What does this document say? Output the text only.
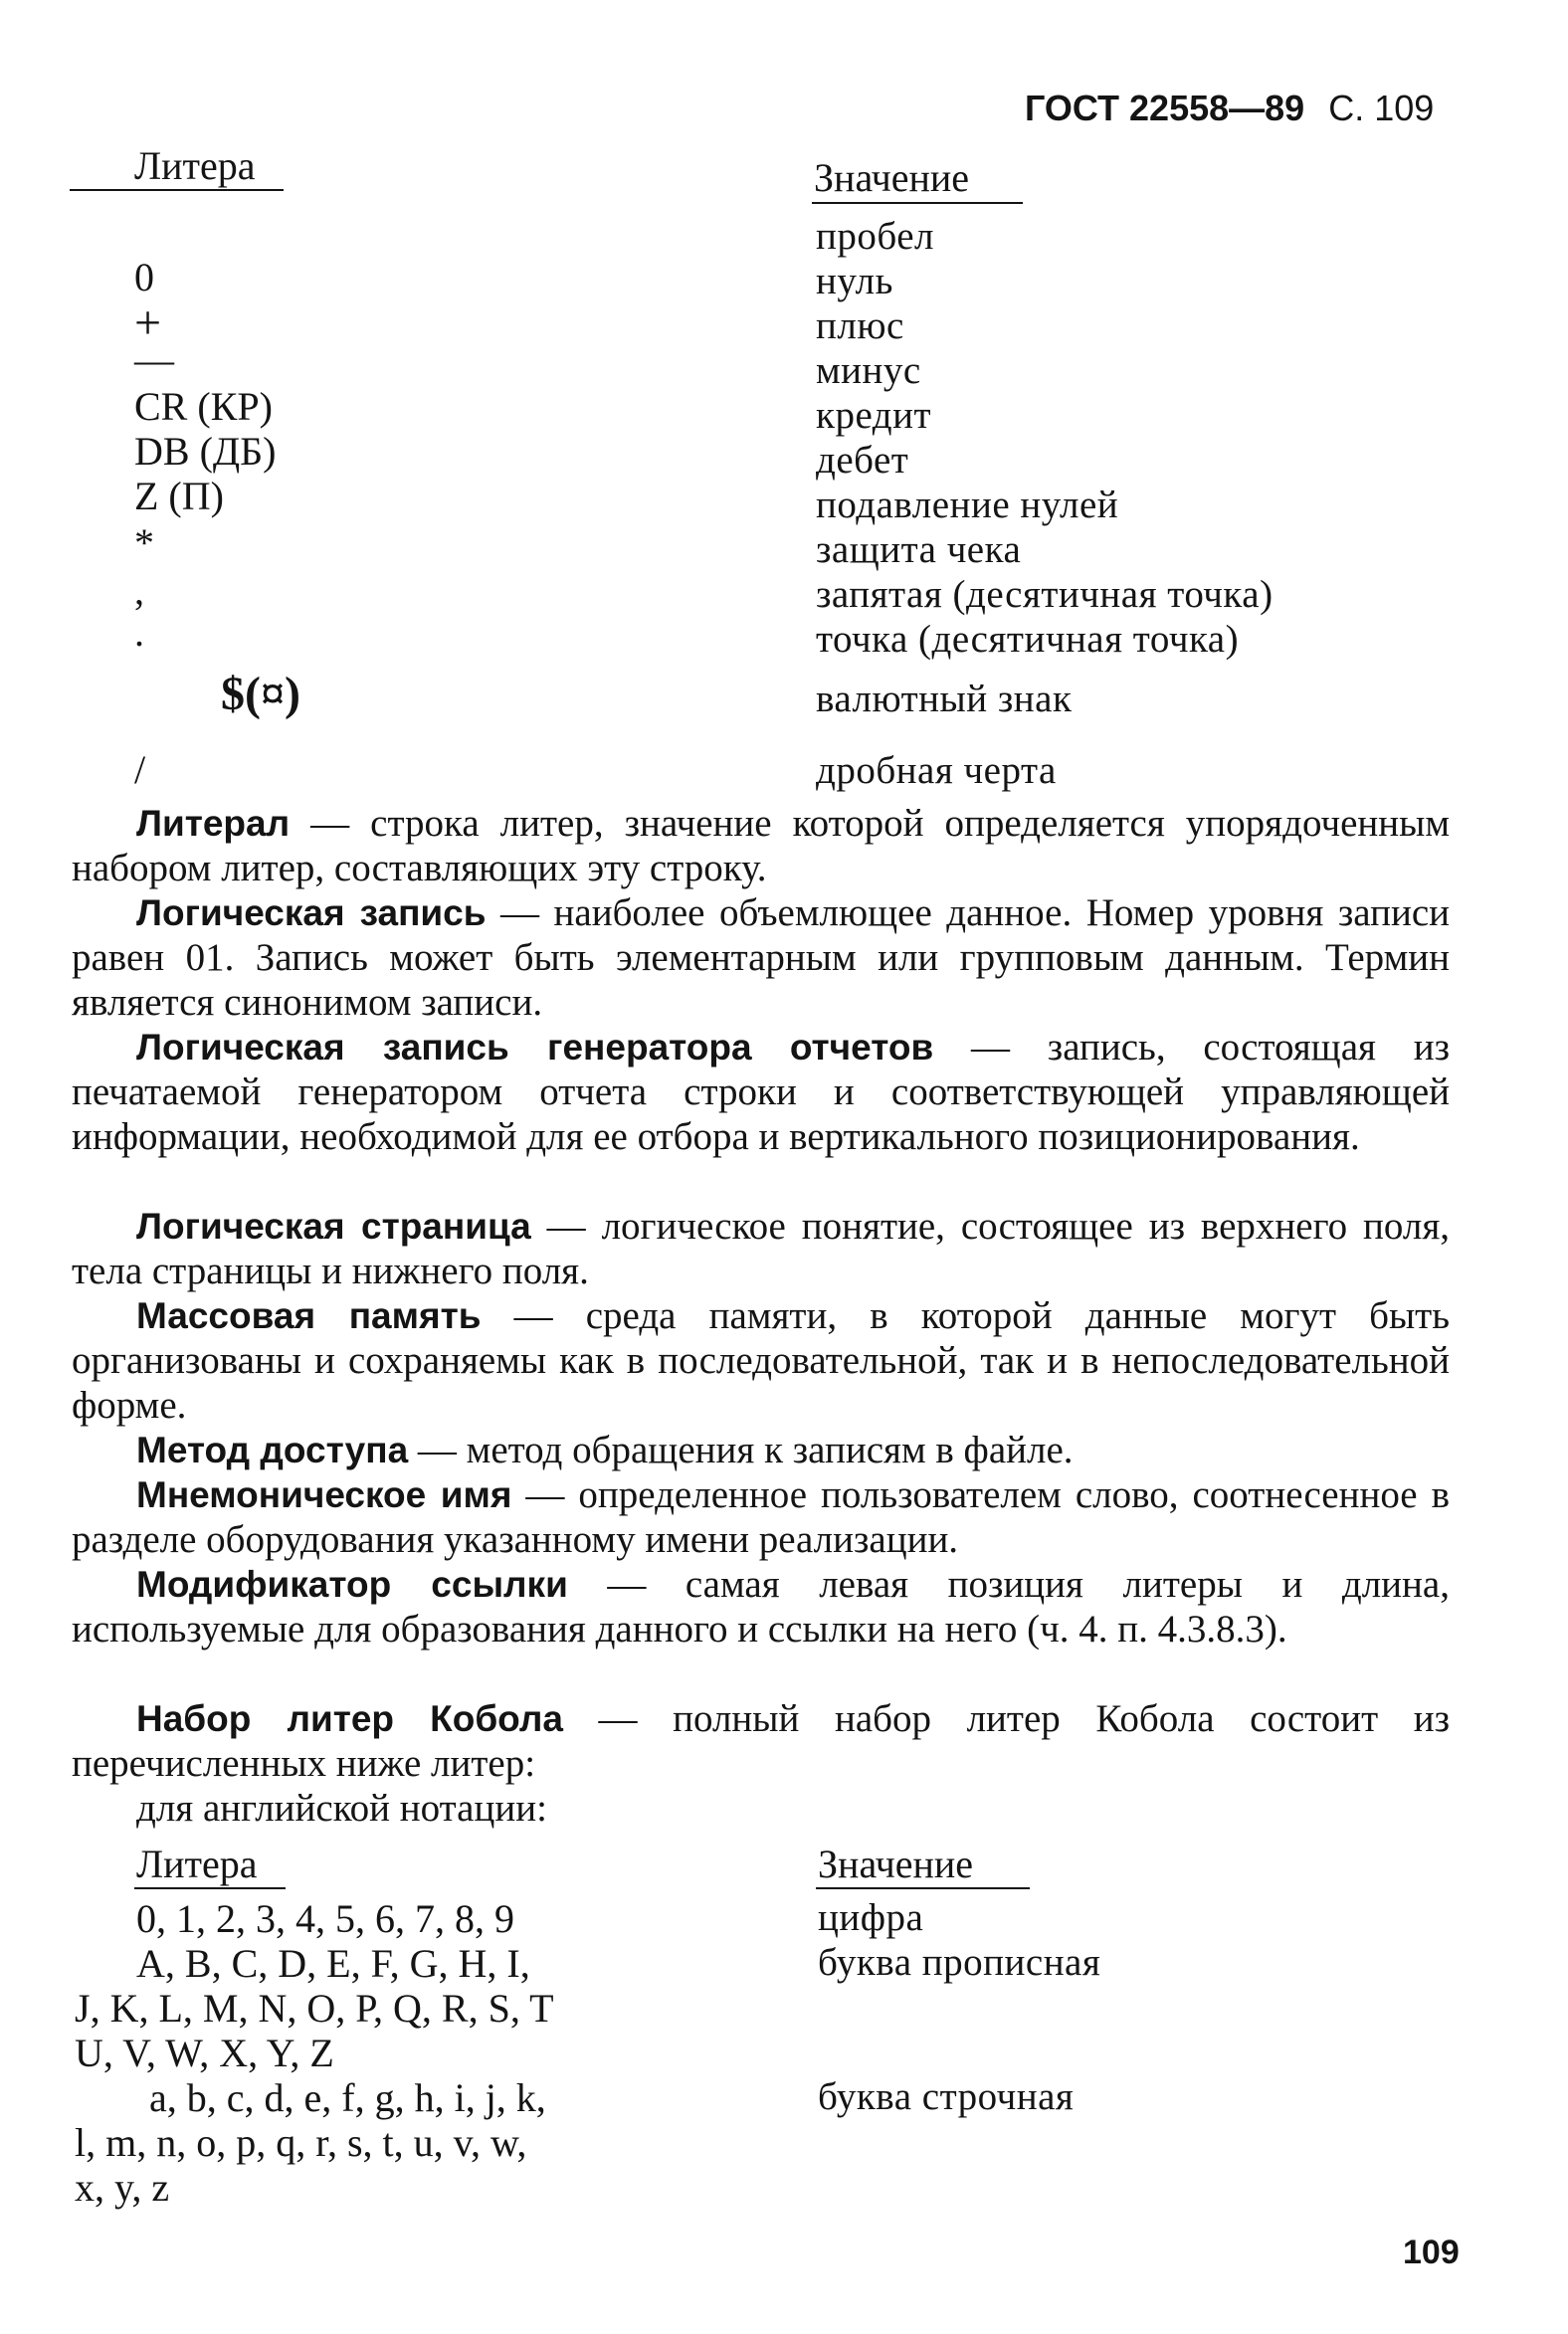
ГОСТ 22558—89 С. 109
Литера	Значение
пробел
0	нуль
+	плюс
—	минус
CR (КР)	кредит
DB (ДБ)	дебет
Z (П)	подавление нулей
*	защита чека
,	запятая (десятичная точка)
.	точка (десятичная точка)
$(¤)	валютный знак
/	дробная черта
Литерал — строка литер, значение которой определяется упорядоченным набором литер, составляющих эту строку.
Логическая запись — наиболее объемлющее данное. Номер уровня записи равен 01. Запись может быть элементарным или групповым данным. Термин является синонимом записи.
Логическая запись генератора отчетов — запись, состоящая из печатаемой генератором отчета строки и соответствующей управляющей информации, необходимой для ее отбора и вертикального позиционирования.
Логическая страница — логическое понятие, состоящее из верхнего поля, тела страницы и нижнего поля.
Массовая память — среда памяти, в которой данные могут быть организованы и сохраняемы как в последовательной, так и в непоследовательной форме.
Метод доступа — метод обращения к записям в файле.
Мнемоническое имя — определенное пользователем слово, соотнесенное в разделе оборудования указанному имени реализации.
Модификатор ссылки — самая левая позиция литеры и длина, используемые для образования данного и ссылки на него (ч. 4. п. 4.3.8.3).
Набор литер Кобола — полный набор литер Кобола состоит из перечисленных ниже литер:
для английской нотации:
Литера	Значение
0, 1, 2, 3, 4, 5, 6, 7, 8, 9	цифра
A, B, C, D, E, F, G, H, I,	буква прописная
J, K, L, M, N, O, P, Q, R, S, T
U, V, W, X, Y, Z
a, b, c, d, e, f, g, h, i, j, k,	буква строчная
l, m, n, o, p, q, r, s, t, u, v, w,
x, y, z
109
